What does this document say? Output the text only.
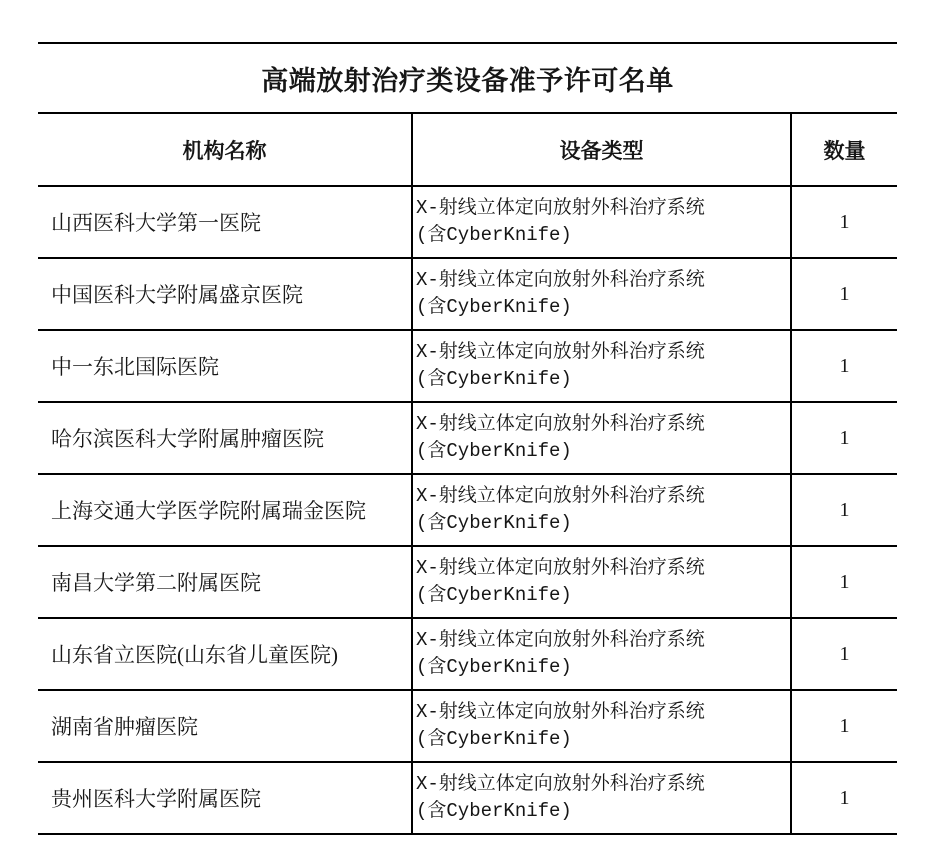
高端放射治疗类设备准予许可名单
机构名称	设备类型	数量
山西医科大学第一医院
X-射线立体定向放射外科治疗系统
(含CyberKnife)
1
中国医科大学附属盛京医院
X-射线立体定向放射外科治疗系统
(含CyberKnife)
1
中一东北国际医院
X-射线立体定向放射外科治疗系统
(含CyberKnife)
1
哈尔滨医科大学附属肿瘤医院
X-射线立体定向放射外科治疗系统
(含CyberKnife)
1
上海交通大学医学院附属瑞金医院
X-射线立体定向放射外科治疗系统
(含CyberKnife)
1
南昌大学第二附属医院
X-射线立体定向放射外科治疗系统
(含CyberKnife)
1
山东省立医院(山东省儿童医院)
X-射线立体定向放射外科治疗系统
(含CyberKnife)
1
湖南省肿瘤医院
X-射线立体定向放射外科治疗系统
(含CyberKnife)
1
贵州医科大学附属医院
X-射线立体定向放射外科治疗系统
(含CyberKnife)
1
